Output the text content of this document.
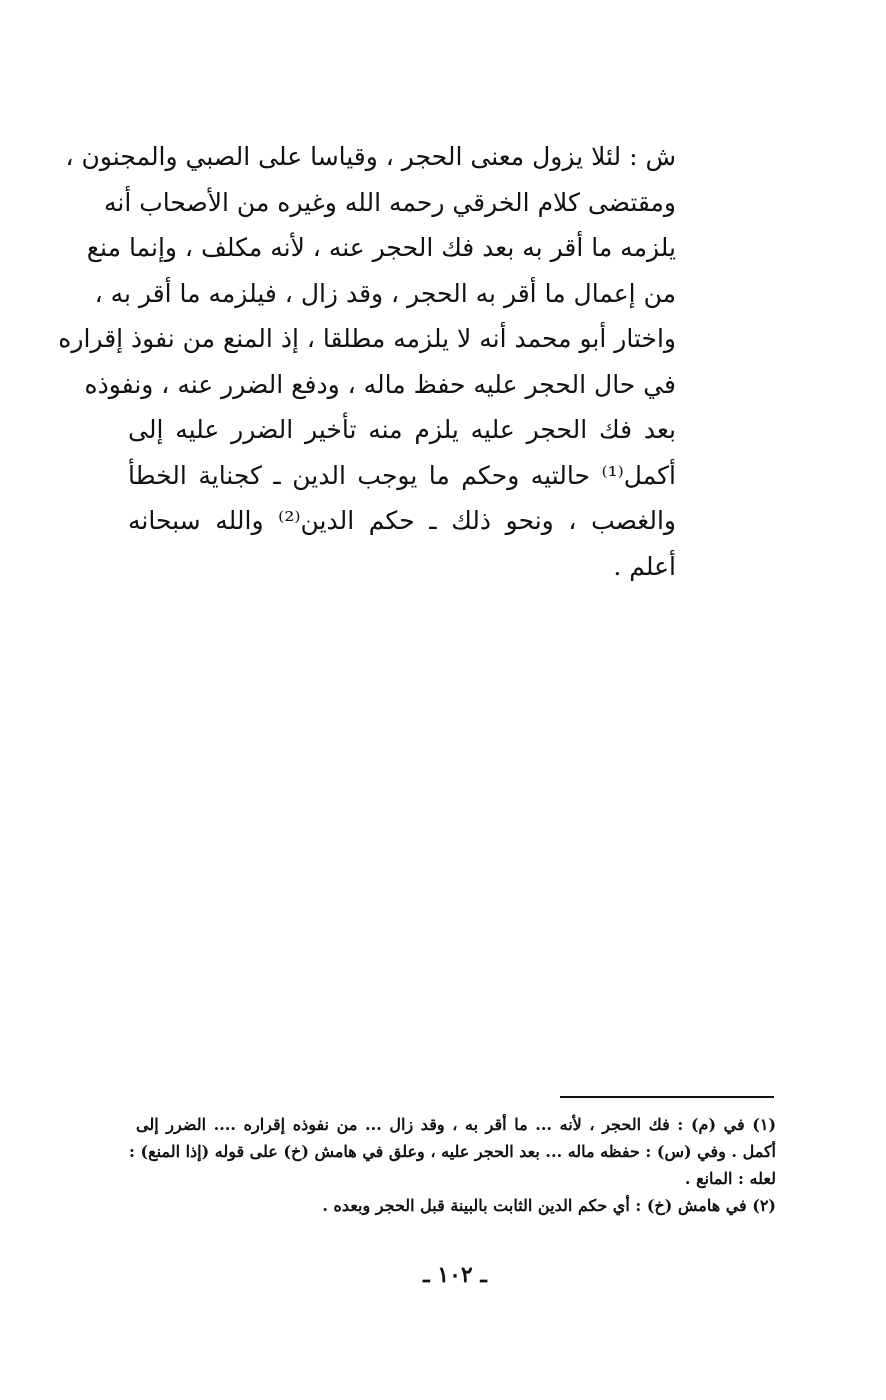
ش : لئلا يزول معنى الحجر ، وقياسا على الصبي والمجنون ،
ومقتضى كلام الخرقي رحمه الله وغيره من الأصحاب أنه
يلزمه ما أقر به بعد فك الحجر عنه ، لأنه مكلف ، وإنما منع
من إعمال ما أقر به الحجر ، وقد زال ، فيلزمه ما أقر به ،
واختار أبو محمد أنه لا يلزمه مطلقا ، إذ المنع من نفوذ إقراره
في حال الحجر عليه حفظ ماله ، ودفع الضرر عنه ، ونفوذه
بعد فك الحجر عليه يلزم منه تأخير الضرر عليه إلى
أكمل⁽¹⁾ حالتيه وحكم ما يوجب الدين ـ كجناية الخطأ
والغصب ، ونحو ذلك ـ حكم الدين⁽²⁾ والله سبحانه
أعلم .
(١) في (م) : فك الحجر ، لأنه ... ما أقر به ، وقد زال ... من نفوذه إقراره .... الضرر إلى
أكمل . وفي (س) : حفظه ماله ... بعد الحجر عليه ، وعلق في هامش (خ) على قوله (إذا المنع) :
لعله : المانع .
(٢) في هامش (خ) : أي حكم الدين الثابت بالبينة قبل الحجر وبعده .
ـ ١٠٢ ـ
